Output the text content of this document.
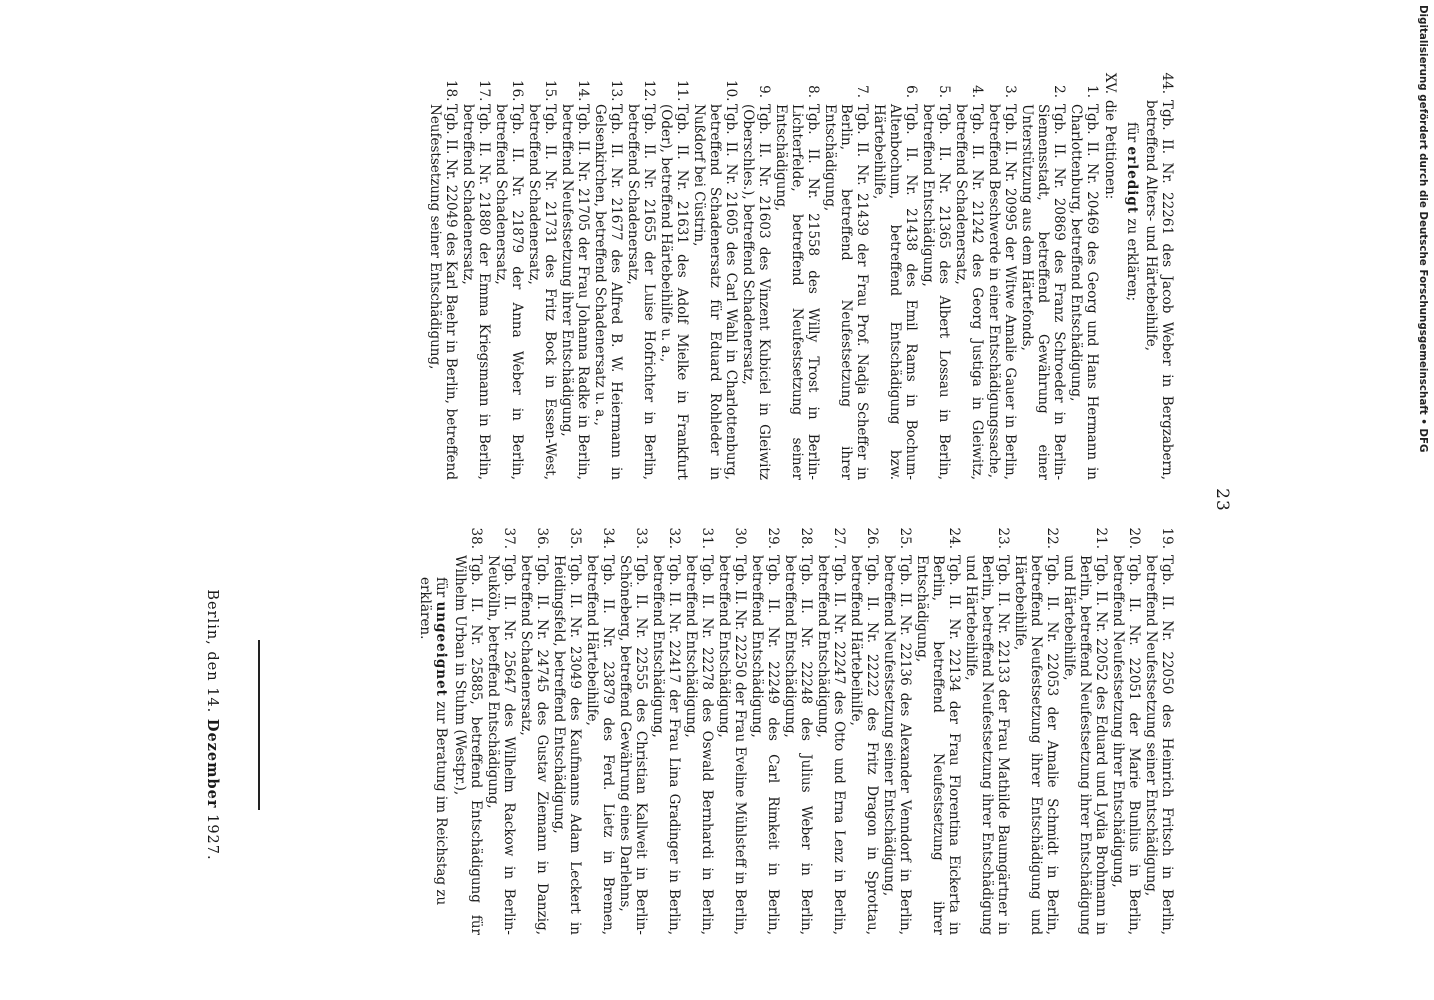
23
44.
Tgb. II. Nr. 22261 des Jacob Weber in Bergzabern, betreffend Alters- und Härtebeihilfe,
für erledigt zu erklären;
XV.
die Petitionen:
1.
Tgb. II. Nr. 20469 des Georg und Hans Hermann in Charlottenburg, betreffend Entschädigung,
2.
Tgb. II. Nr. 20869 des Franz Schroeder in Berlin-Siemensstadt, betreffend Gewährung einer Unterstützung aus dem Härtefonds,
3.
Tgb. II. Nr. 20995 der Witwe Amalie Gauer in Berlin, betreffend Beschwerde in einer Entschädigungssache,
4.
Tgb. II. Nr. 21242 des Georg Justiga in Gleiwitz, betreffend Schadenersatz,
5.
Tgb. II. Nr. 21365 des Albert Lossau in Berlin, betreffend Entschädigung,
6.
Tgb. II. Nr. 21438 des Emil Rams in Bochum-Altenbochum, betreffend Entschädigung bzw. Härtebeihilfe,
7.
Tgb. II. Nr. 21439 der Frau Prof. Nadja Scheffer in Berlin, betreffend Neufestsetzung ihrer Entschädigung,
8.
Tgb. II. Nr. 21558 des Willy Trost in Berlin-Lichterfelde, betreffend Neufestsetzung seiner Entschädigung,
9.
Tgb. II. Nr. 21603 des Vinzent Kubiciel in Gleiwitz (Oberschles.), betreffend Schadenersatz,
10.
Tgb. II. Nr. 21605 des Carl Wahl in Charlottenburg, betreffend Schadenersatz für Eduard Rohleder in Nußdorf bei Cüstrin,
11.
Tgb. II. Nr. 21631 des Adolf Mielke in Frankfurt (Oder), betreffend Härtebeihilfe u. a.,
12.
Tgb. II. Nr. 21655 der Luise Hofrichter in Berlin, betreffend Schadenersatz,
13.
Tgb. II. Nr. 21677 des Alfred B. W. Heiermann in Gelsenkirchen, betreffend Schadenersatz u. a.,
14.
Tgb. II. Nr. 21705 der Frau Johanna Radke in Berlin, betreffend Neufestsetzung ihrer Entschädigung,
15.
Tgb. II. Nr. 21731 des Fritz Bock in Essen-West, betreffend Schadenersatz,
16.
Tgb. II. Nr. 21879 der Anna Weber in Berlin, betreffend Schadenersatz,
17.
Tgb. II. Nr. 21880 der Emma Kriegsmann in Berlin, betreffend Schadenersatz,
18.
Tgb. II. Nr. 22049 des Karl Baehr in Berlin, betreffend Neufestsetzung seiner Entschädigung,
19.
Tgb. II. Nr. 22050 des Heinrich Fritsch in Berlin, betreffend Neufestsetzung seiner Entschädigung,
20.
Tgb. II. Nr. 22051 der Marie Bunlius in Berlin, betreffend Neufestsetzung ihrer Entschädigung,
21.
Tgb. II. Nr. 22052 des Eduard und Lydia Brohmann in Berlin, betreffend Neufestsetzung ihrer Entschädigung und Härtebeihilfe,
22.
Tgb. II. Nr. 22053 der Amalie Schmidt in Berlin, betreffend Neufestsetzung ihrer Entschädigung und Härtebeihilfe,
23.
Tgb. II. Nr. 22133 der Frau Mathilde Baumgärtner in Berlin, betreffend Neufestsetzung ihrer Entschädigung und Härtebeihilfe,
24.
Tgb. II. Nr. 22134 der Frau Florentina Eickerta in Berlin, betreffend Neufestsetzung ihrer Entschädigung,
25.
Tgb. II. Nr. 22136 des Alexander Venndorf in Berlin, betreffend Neufestsetzung seiner Entschädigung,
26.
Tgb. II. Nr. 22222 des Fritz Dragon in Sprottau, betreffend Härtebeihilfe,
27.
Tgb. II. Nr. 22247 des Otto und Erna Lenz in Berlin, betreffend Entschädigung,
28.
Tgb. II. Nr. 22248 des Julius Weber in Berlin, betreffend Entschädigung,
29.
Tgb. II. Nr. 22249 des Carl Rimkeit in Berlin, betreffend Entschädigung,
30.
Tgb. II. Nr. 22250 der Frau Eveline Mühlsteff in Berlin, betreffend Entschädigung,
31.
Tgb. II. Nr. 22278 des Oswald Bernhardi in Berlin, betreffend Entschädigung,
32.
Tgb. II. Nr. 22417 der Frau Lina Gradinger in Berlin, betreffend Entschädigung,
33.
Tgb. II. Nr. 22555 des Christian Kallweit in Berlin-Schöneberg, betreffend Gewährung eines Darlehns,
34.
Tgb. II. Nr. 23879 des Ferd. Lietz in Bremen, betreffend Härtebeihilfe,
35.
Tgb. II. Nr. 23049 des Kaufmanns Adam Leckert in Heidingsfeld, betreffend Entschädigung,
36.
Tgb. II. Nr. 24745 des Gustav Ziemann in Danzig, betreffend Schadenersatz,
37.
Tgb. II. Nr. 25647 des Wilhelm Rackow in Berlin-Neukölln, betreffend Entschädigung,
38.
Tgb. II. Nr. 25885, betreffend Entschädigung für Wilhelm Urban in Stuhm (Westpr.),
für ungeeignet zur Beratung im Reichstag zu erklären.
Berlin, den 14. Dezember 1927.
Digitalisierung gefördert durch die Deutsche Forschungsgemeinschaft • DFG
